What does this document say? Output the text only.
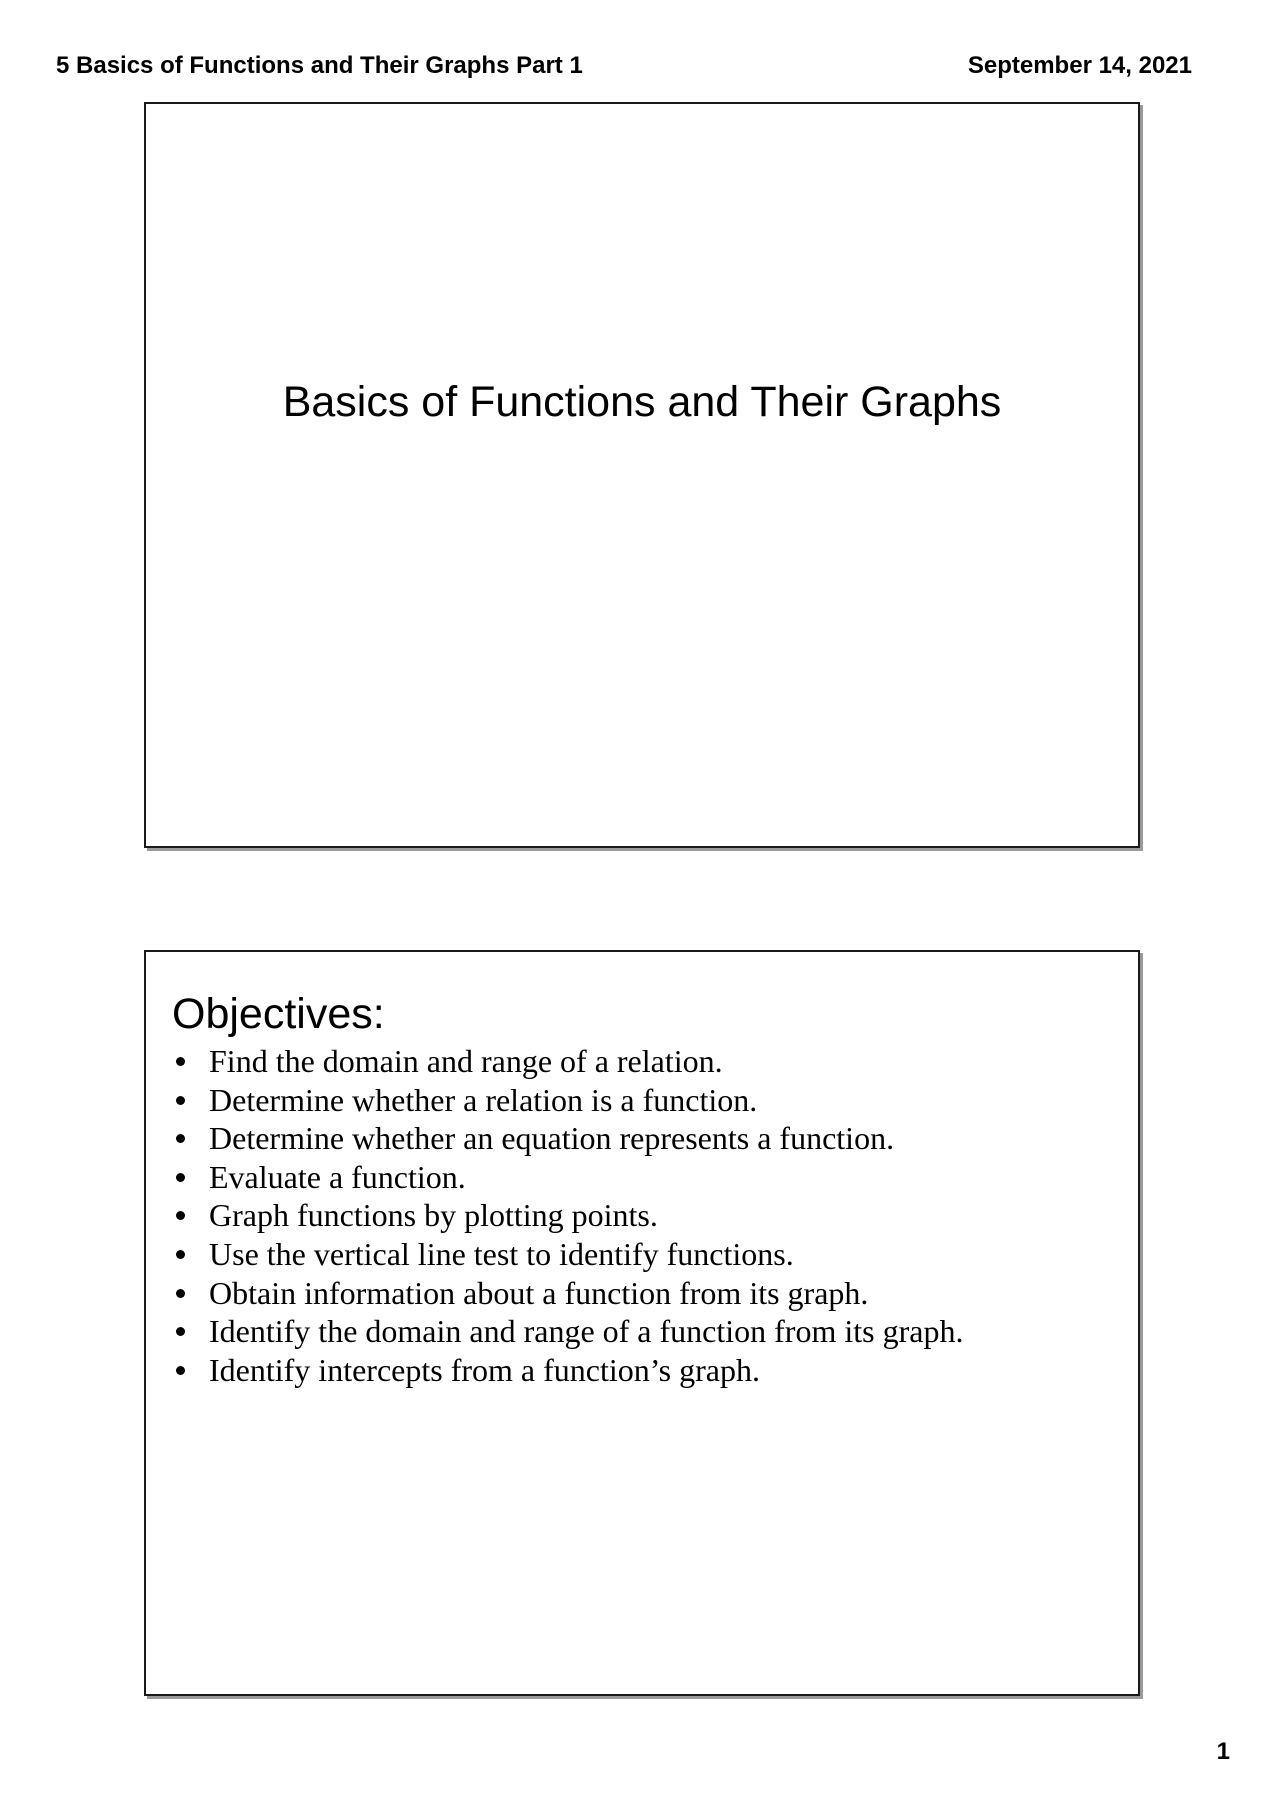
5 Basics of Functions and Their Graphs Part 1	September 14, 2021
Basics of Functions and Their Graphs
Objectives:
Find the domain and range of a relation.
Determine whether a relation is a function.
Determine whether an equation represents a function.
Evaluate a function.
Graph functions by plotting points.
Use the vertical line test to identify functions.
Obtain information about a function from its graph.
Identify the domain and range of a function from its graph.
Identify intercepts from a function’s graph.
1
